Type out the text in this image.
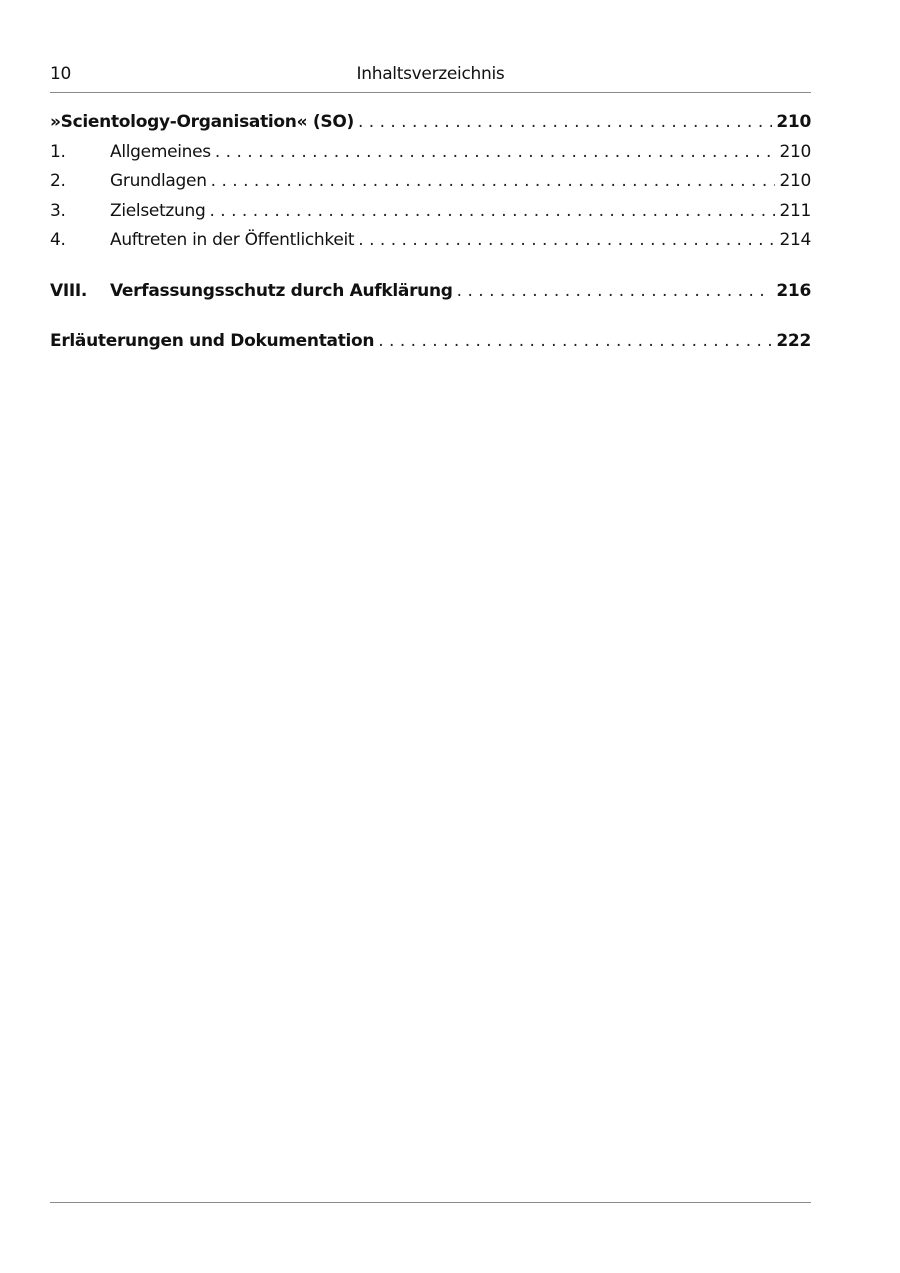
10	Inhaltsverzeichnis
»Scientology-Organisation« (SO) . . .	210
1.	Allgemeines . . .	210
2.	Grundlagen . . .	210
3.	Zielsetzung . . .	211
4.	Auftreten in der Öffentlichkeit . . .	214
VIII. Verfassungsschutz durch Aufklärung . . .	216
Erläuterungen und Dokumentation . . .	222
